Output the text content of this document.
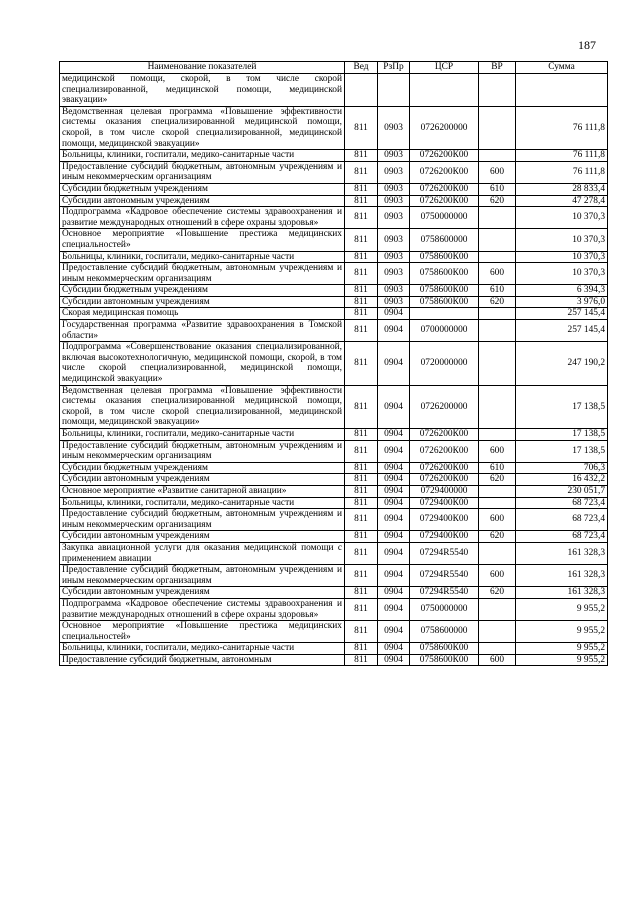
187
Наименование показателей	Вед	РзПр	ЦСР	ВР	Сумма
медицинской помощи, скорой, в том числе скорой специализированной, медицинской помощи, медицинской эвакуации»					
Ведомственная целевая программа «Повышение эффективности системы оказания специализированной медицинской помощи, скорой, в том числе скорой специализированной, медицинской помощи, медицинской эвакуации»	811	0903	0726200000		76 111,8
Больницы, клиники, госпитали, медико-санитарные части	811	0903	0726200К00		76 111,8
Предоставление субсидий бюджетным, автономным учреждениям и иным некоммерческим организациям	811	0903	0726200К00	600	76 111,8
Субсидии бюджетным учреждениям	811	0903	0726200К00	610	28 833,4
Субсидии автономным учреждениям	811	0903	0726200К00	620	47 278,4
Подпрограмма «Кадровое обеспечение системы здравоохранения и развитие международных отношений в сфере охраны здоровья»	811	0903	0750000000		10 370,3
Основное мероприятие «Повышение престижа медицинских специальностей»	811	0903	0758600000		10 370,3
Больницы, клиники, госпитали, медико-санитарные части	811	0903	0758600К00		10 370,3
Предоставление субсидий бюджетным, автономным учреждениям и иным некоммерческим организациям	811	0903	0758600К00	600	10 370,3
Субсидии бюджетным учреждениям	811	0903	0758600К00	610	6 394,3
Субсидии автономным учреждениям	811	0903	0758600К00	620	3 976,0
Скорая медицинская помощь	811	0904			257 145,4
Государственная программа «Развитие здравоохранения в Томской области»	811	0904	0700000000		257 145,4
Подпрограмма «Совершенствование оказания специализированной, включая высокотехнологичную, медицинской помощи, скорой, в том числе скорой специализированной, медицинской помощи, медицинской эвакуации»	811	0904	0720000000		247 190,2
Ведомственная целевая программа «Повышение эффективности системы оказания специализированной медицинской помощи, скорой, в том числе скорой специализированной, медицинской помощи, медицинской эвакуации»	811	0904	0726200000		17 138,5
Больницы, клиники, госпитали, медико-санитарные части	811	0904	0726200К00		17 138,5
Предоставление субсидий бюджетным, автономным учреждениям и иным некоммерческим организациям	811	0904	0726200К00	600	17 138,5
Субсидии бюджетным учреждениям	811	0904	0726200К00	610	706,3
Субсидии автономным учреждениям	811	0904	0726200К00	620	16 432,2
Основное мероприятие «Развитие санитарной авиации»	811	0904	0729400000		230 051,7
Больницы, клиники, госпитали, медико-санитарные части	811	0904	0729400К00		68 723,4
Предоставление субсидий бюджетным, автономным учреждениям и иным некоммерческим организациям	811	0904	0729400К00	600	68 723,4
Субсидии автономным учреждениям	811	0904	0729400К00	620	68 723,4
Закупка авиационной услуги для оказания медицинской помощи с применением авиации	811	0904	07294R5540		161 328,3
Предоставление субсидий бюджетным, автономным учреждениям и иным некоммерческим организациям	811	0904	07294R5540	600	161 328,3
Субсидии автономным учреждениям	811	0904	07294R5540	620	161 328,3
Подпрограмма «Кадровое обеспечение системы здравоохранения и развитие международных отношений в сфере охраны здоровья»	811	0904	0750000000		9 955,2
Основное мероприятие «Повышение престижа медицинских специальностей»	811	0904	0758600000		9 955,2
Больницы, клиники, госпитали, медико-санитарные части	811	0904	0758600К00		9 955,2
Предоставление субсидий бюджетным, автономным	811	0904	0758600К00	600	9 955,2
